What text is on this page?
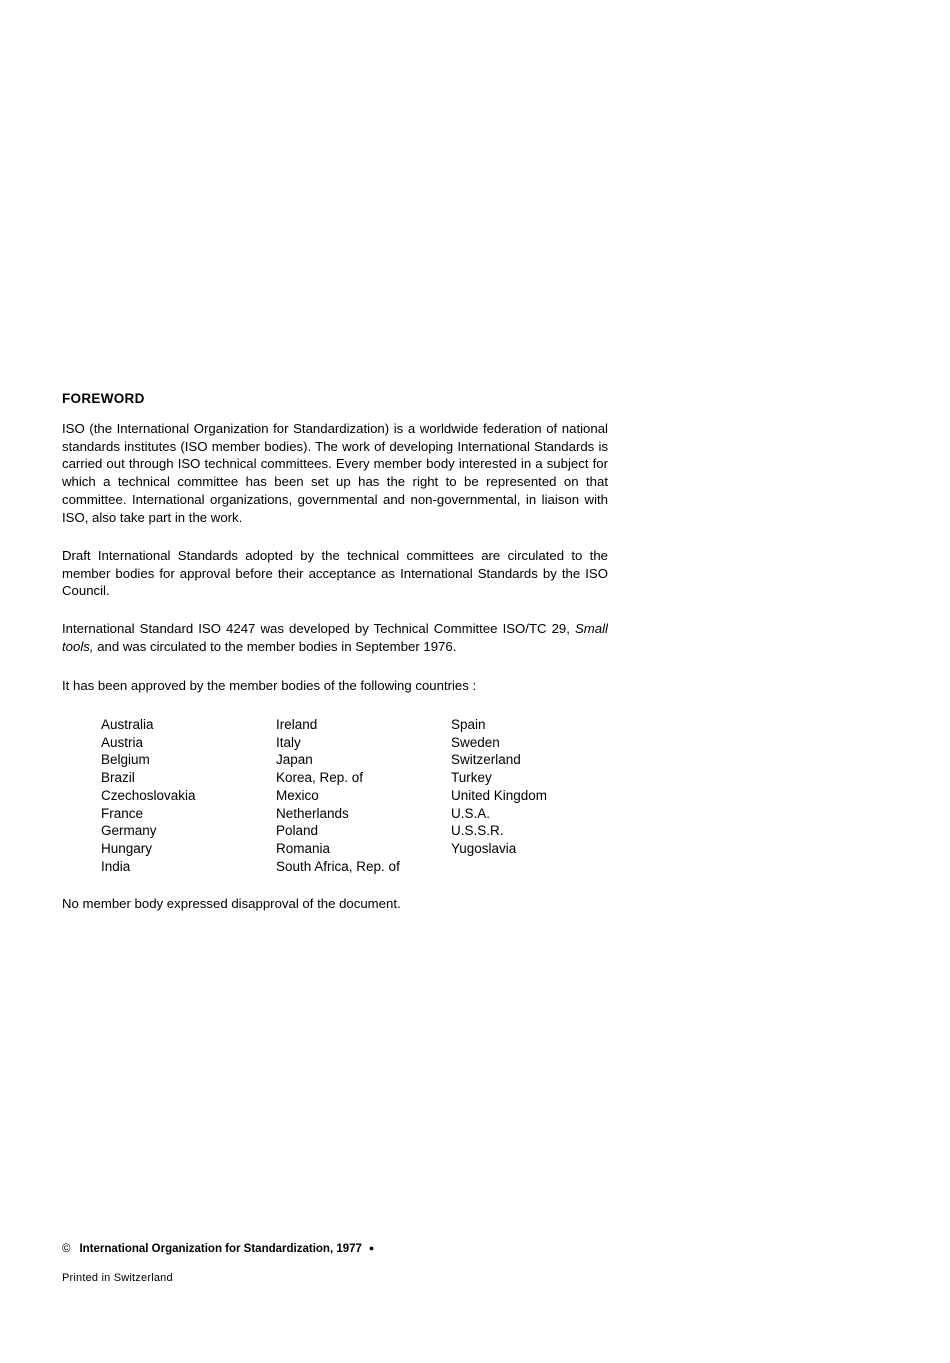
FOREWORD
ISO (the International Organization for Standardization) is a worldwide federation of national standards institutes (ISO member bodies). The work of developing International Standards is carried out through ISO technical committees. Every member body interested in a subject for which a technical committee has been set up has the right to be represented on that committee. International organizations, governmental and non-governmental, in liaison with ISO, also take part in the work.
Draft International Standards adopted by the technical committees are circulated to the member bodies for approval before their acceptance as International Standards by the ISO Council.
International Standard ISO 4247 was developed by Technical Committee ISO/TC 29, Small tools, and was circulated to the member bodies in September 1976.
It has been approved by the member bodies of the following countries :
Australia
Austria
Belgium
Brazil
Czechoslovakia
France
Germany
Hungary
India
Ireland
Italy
Japan
Korea, Rep. of
Mexico
Netherlands
Poland
Romania
South Africa, Rep. of
Spain
Sweden
Switzerland
Turkey
United Kingdom
U.S.A.
U.S.S.R.
Yugoslavia
No member body expressed disapproval of the document.
© International Organization for Standardization, 1977 ●
Printed in Switzerland
